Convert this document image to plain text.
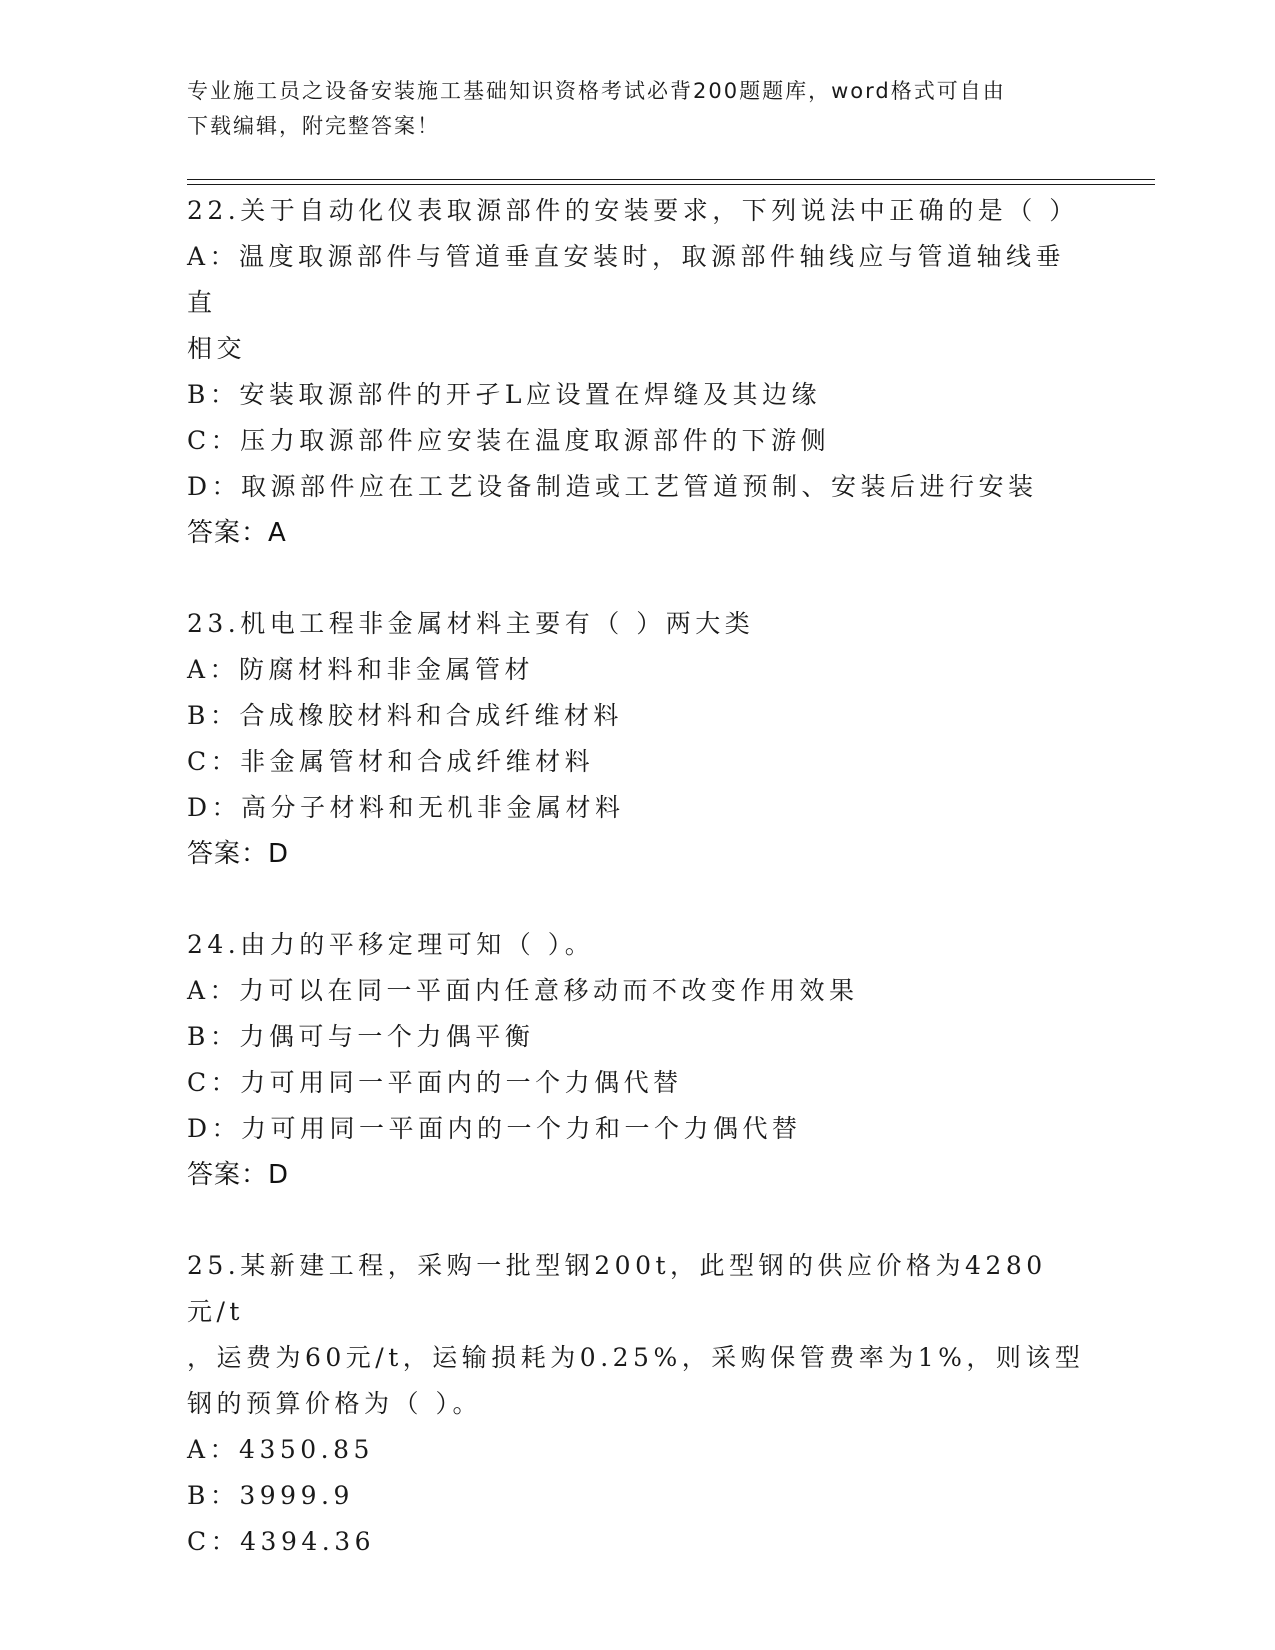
专业施工员之设备安装施工基础知识资格考试必背200题题库，word格式可自由
下载编辑，附完整答案！
22.关于自动化仪表取源部件的安装要求，下列说法中正确的是（ ）
A：温度取源部件与管道垂直安装时，取源部件轴线应与管道轴线垂直
相交
B：安装取源部件的开孑L应设置在焊缝及其边缘
C：压力取源部件应安装在温度取源部件的下游侧
D：取源部件应在工艺设备制造或工艺管道预制、安装后进行安装
答案：A
23.机电工程非金属材料主要有（ ）两大类
A：防腐材料和非金属管材
B：合成橡胶材料和合成纤维材料
C：非金属管材和合成纤维材料
D：高分子材料和无机非金属材料
答案：D
24.由力的平移定理可知（ ）。
A：力可以在同一平面内任意移动而不改变作用效果
B：力偶可与一个力偶平衡
C：力可用同一平面内的一个力偶代替
D：力可用同一平面内的一个力和一个力偶代替
答案：D
25.某新建工程，采购一批型钢200t，此型钢的供应价格为4280元/t
，运费为60元/t，运输损耗为0.25%，采购保管费率为1%，则该型
钢的预算价格为（ ）。
A：4350.85
B：3999.9
C：4394.36
